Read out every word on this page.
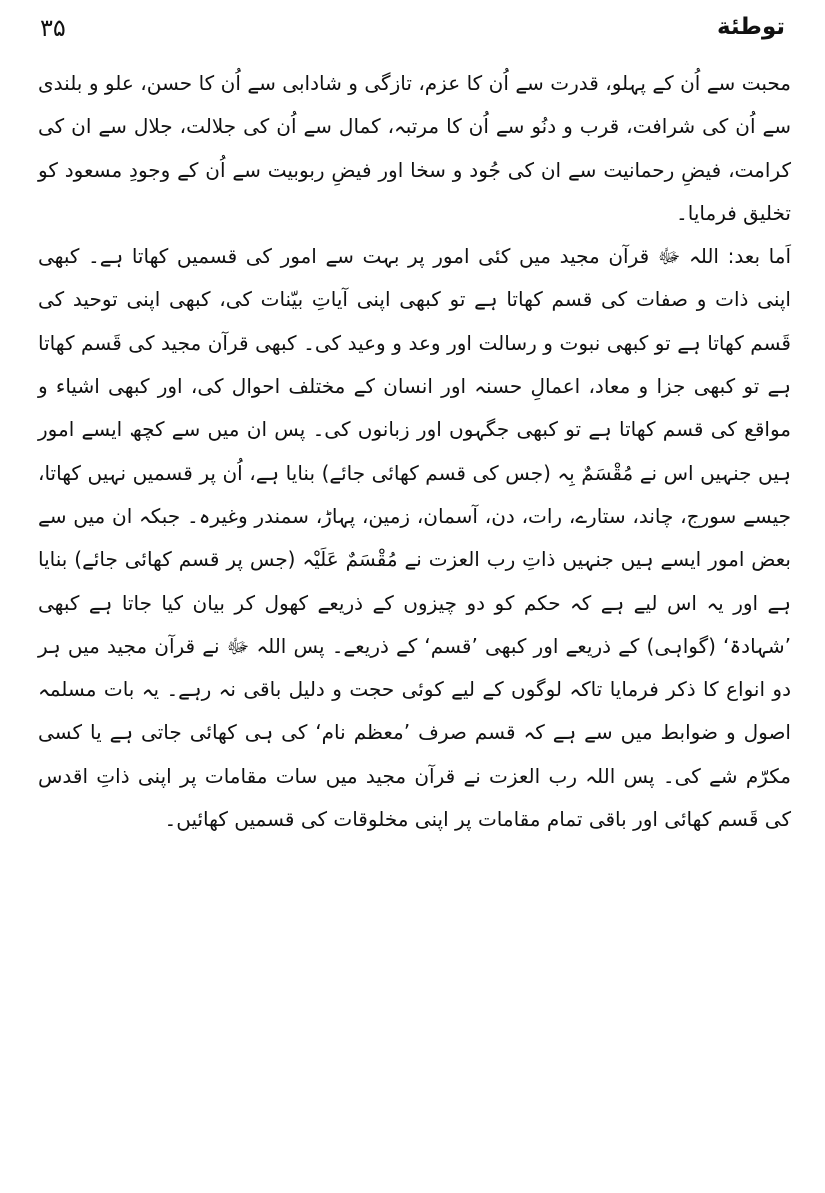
۳۵	توطئة

محبت سے اُن کے پہلو، قدرت سے اُن کا عزم، تازگی و شادابی سے اُن کا حسن، علو و بلندی سے اُن کی شرافت، قرب و دنُو سے اُن کا مرتبہ، کمال سے اُن کی جلالت، جلال سے ان کی کرامت، فیضِ رحمانیت سے ان کی جُود و سخا اور فیضِ ربوبیت سے اُن کے وجودِ مسعود کو تخلیق فرمایا۔

اَما بعد: اللہ ﷻ قرآن مجید میں کئی امور پر بہت سے امور کی قسمیں کھاتا ہے۔ کبھی اپنی ذات و صفات کی قسم کھاتا ہے تو کبھی اپنی آیاتِ بیّنات کی، کبھی اپنی توحید کی قَسم کھاتا ہے تو کبھی نبوت و رسالت اور وعد و وعید کی۔ کبھی قرآن مجید کی قَسم کھاتا ہے تو کبھی جزا و معاد، اعمالِ حسنہ اور انسان کے مختلف احوال کی، اور کبھی اشیاء و مواقع کی قسم کھاتا ہے تو کبھی جگہوں اور زبانوں کی۔ پس ان میں سے کچھ ایسے امور ہیں جنہیں اس نے مُقْسَمٌ بِہ (جس کی قسم کھائی جائے) بنایا ہے، اُن پر قسمیں نہیں کھاتا، جیسے سورج، چاند، ستارے، رات، دن، آسمان، زمین، پہاڑ، سمندر وغیرہ۔ جبکہ ان میں سے بعض امور ایسے ہیں جنہیں ذاتِ رب العزت نے مُقْسَمٌ عَلَیْہ (جس پر قسم کھائی جائے) بنایا ہے اور یہ اس لیے ہے کہ حکم کو دو چیزوں کے ذریعے کھول کر بیان کیا جاتا ہے کبھی ’شہادۃ‘ (گواہی) کے ذریعے اور کبھی ’قسم‘ کے ذریعے۔ پس اللہ ﷻ نے قرآن مجید میں ہر دو انواع کا ذکر فرمایا تاکہ لوگوں کے لیے کوئی حجت و دلیل باقی نہ رہے۔ یہ بات مسلمہ اصول و ضوابط میں سے ہے کہ قسم صرف ’معظم نام‘ کی ہی کھائی جاتی ہے یا کسی مکرّم شے کی۔ پس اللہ رب العزت نے قرآن مجید میں سات مقامات پر اپنی ذاتِ اقدس کی قَسم کھائی اور باقی تمام مقامات پر اپنی مخلوقات کی قسمیں کھائیں۔
